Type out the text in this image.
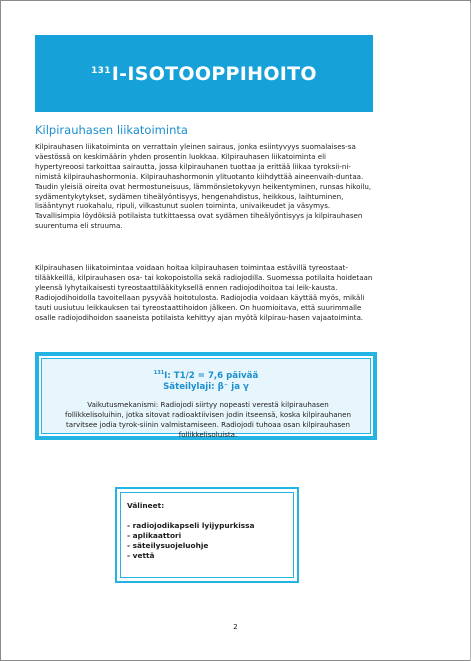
$^{131}$I-ISOTOOPPIHOITO
Kilpirauhasen liikatoiminta

Kilpirauhasen liikatoiminta on verrattain yleinen sairaus, jonka esiintyvyys suomalaises-sa väestössä on keskimäärin yhden prosentin luokkaa. Kilpirauhasen liikatoiminta eli hypertyreoosi tarkoittaa sairautta, jossa kilpirauhanen tuottaa ja erittää liikaa tyroksii-ni-nimistä kilpirauhashormonia. Kilpirauhashormonin ylituotanto kiihdyttää aineenvaih-duntaa. Taudin yleisiä oireita ovat hermostuneisuus, lämmönsietokyvyn heikentyminen, runsas hikoilu, sydämentykytykset, sydämen tiheälyöntisyys, hengenahdistus, heikkous, laihtuminen, lisääntynyt ruokahalu, ripuli, vilkastunut suolen toiminta, univaikeudet ja väsymys. Tavallisimpia löydöksiä potilaista tutkittaessa ovat sydämen tiheälyöntisyys ja kilpirauhasen suurentuma eli struuma.

Kilpirauhasen liikatoimintaa voidaan hoitaa kilpirauhasen toimintaa estävillä tyreostaat-tilääkkeillä, kilpirauhasen osa- tai kokopoistolla sekä radiojodilla. Suomessa potilaita hoidetaan yleensä lyhytaikaisesti tyreostaattilääkityksellä ennen radiojodihoitoa tai leik-kausta. Radiojodihoidolla tavoitellaan pysyvää hoitotulosta. Radiojodia voidaan käyttää myös, mikäli tauti uusiutuu leikkauksen tai tyreostaattihoidon jälkeen. On huomioitava, että suurimmalle osalle radiojodihoidon saaneista potilaista kehittyy ajan myötä kilpirau-hasen vajaatoiminta.

$^{131}$I: T1/2 = 7,6 päivää
Säteilylaji: β⁻ ja γ
Vaikutusmekanismi: Radiojodi siirtyy nopeasti verestä kilpirauhasen follikkelisoluihin, jotka sitovat radioaktiivisen jodin itseensä, koska kilpirauhanen tarvitsee jodia tyrok-siinin valmistamiseen. Radiojodi tuhoaa osan kilpirauhasen follikkelisoluista.
Välineet:
- radiojodikapseli lyijypurkissa
- aplikaattori
- säteilysuojeluohje
- vettä
2
